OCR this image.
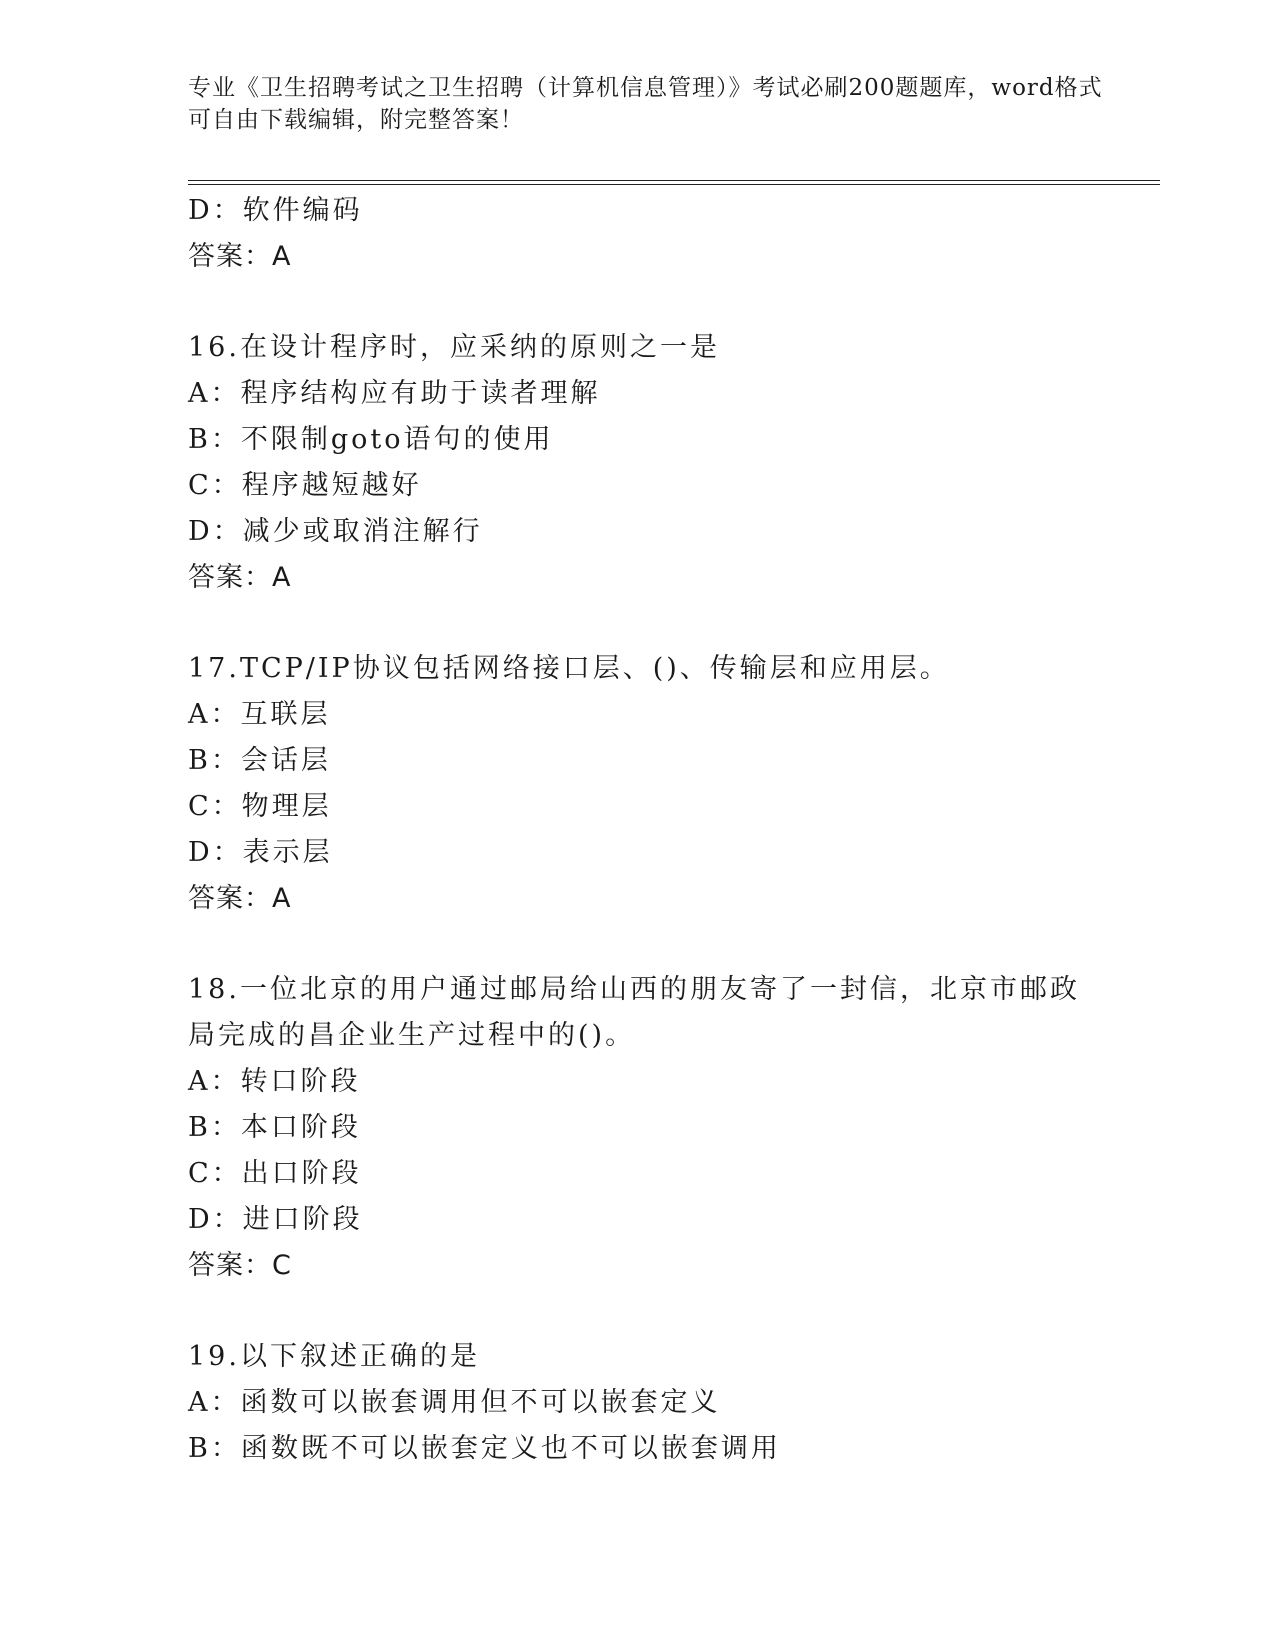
专业《卫生招聘考试之卫生招聘（计算机信息管理）》考试必刷200题题库，word格式可自由下载编辑，附完整答案！
D：软件编码
答案：A
16.在设计程序时，应采纳的原则之一是
A：程序结构应有助于读者理解
B：不限制goto语句的使用
C：程序越短越好
D：减少或取消注解行
答案：A
17.TCP/IP协议包括网络接口层、()、传输层和应用层。
A：互联层
B：会话层
C：物理层
D：表示层
答案：A
18.一位北京的用户通过邮局给山西的朋友寄了一封信，北京市邮政局完成的昌企业生产过程中的()。
A：转口阶段
B：本口阶段
C：出口阶段
D：进口阶段
答案：C
19.以下叙述正确的是
A：函数可以嵌套调用但不可以嵌套定义
B：函数既不可以嵌套定义也不可以嵌套调用
